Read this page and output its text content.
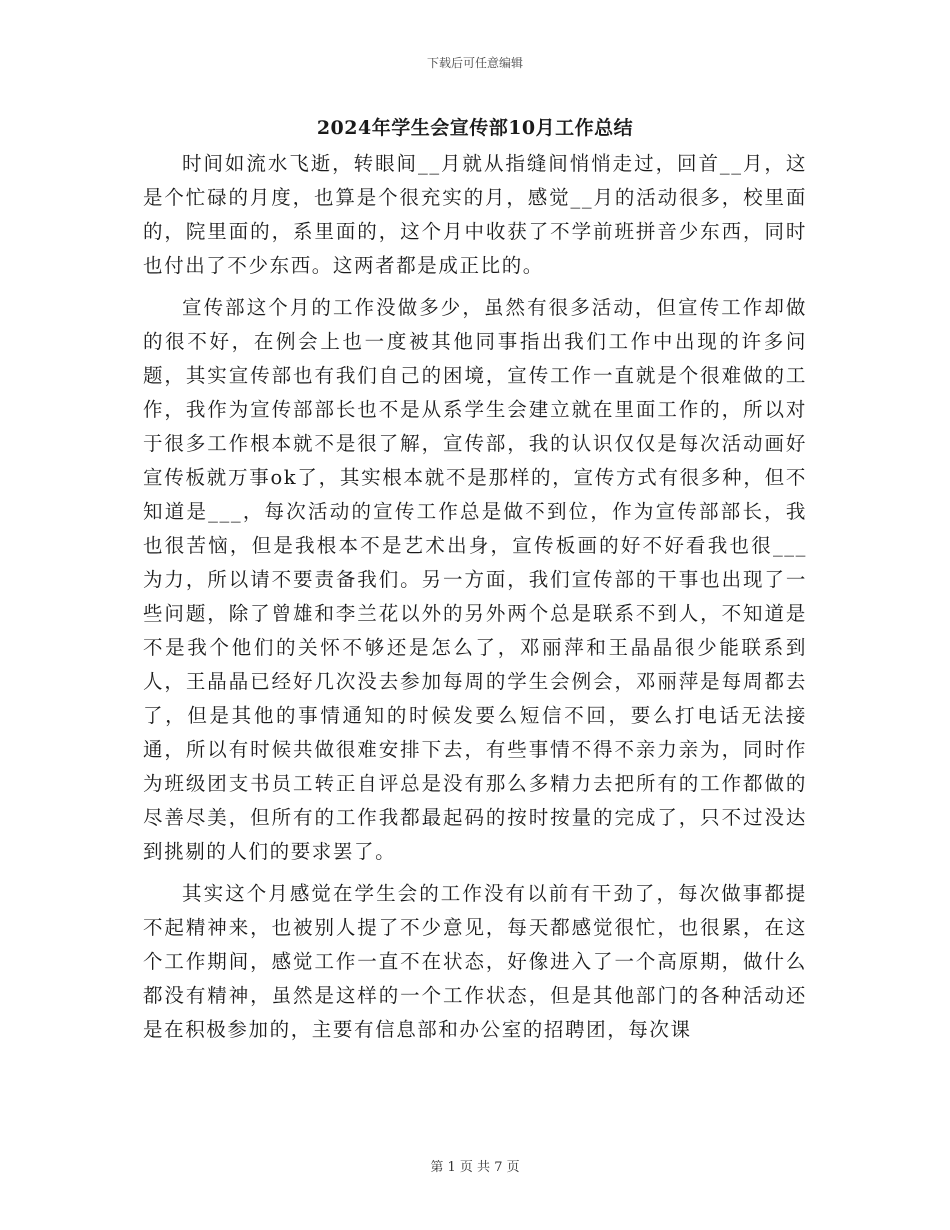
下载后可任意编辑
2024年学生会宣传部10月工作总结

时间如流水飞逝，转眼间__月就从指缝间悄悄走过，回首__月，这是个忙碌的月度，也算是个很充实的月，感觉__月的活动很多，校里面的，院里面的，系里面的，这个月中收获了不学前班拼音少东西，同时也付出了不少东西。这两者都是成正比的。

宣传部这个月的工作没做多少，虽然有很多活动，但宣传工作却做的很不好，在例会上也一度被其他同事指出我们工作中出现的许多问题，其实宣传部也有我们自己的困境，宣传工作一直就是个很难做的工作，我作为宣传部部长也不是从系学生会建立就在里面工作的，所以对于很多工作根本就不是很了解，宣传部，我的认识仅仅是每次活动画好宣传板就万事ok了，其实根本就不是那样的，宣传方式有很多种，但不知道是___，每次活动的宣传工作总是做不到位，作为宣传部部长，我也很苦恼，但是我根本不是艺术出身，宣传板画的好不好看我也很___为力，所以请不要责备我们。另一方面，我们宣传部的干事也出现了一些问题，除了曾雄和李兰花以外的另外两个总是联系不到人，不知道是不是我个他们的关怀不够还是怎么了，邓丽萍和王晶晶很少能联系到人，王晶晶已经好几次没去参加每周的学生会例会，邓丽萍是每周都去了，但是其他的事情通知的时候发要么短信不回，要么打电话无法接通，所以有时候共做很难安排下去，有些事情不得不亲力亲为，同时作为班级团支书员工转正自评总是没有那么多精力去把所有的工作都做的尽善尽美，但所有的工作我都最起码的按时按量的完成了，只不过没达到挑剔的人们的要求罢了。

其实这个月感觉在学生会的工作没有以前有干劲了，每次做事都提不起精神来，也被别人提了不少意见，每天都感觉很忙，也很累，在这个工作期间，感觉工作一直不在状态，好像进入了一个高原期，做什么都没有精神，虽然是这样的一个工作状态，但是其他部门的各种活动还是在积极参加的，主要有信息部和办公室的招聘团，每次课

第 1 页 共 7 页
